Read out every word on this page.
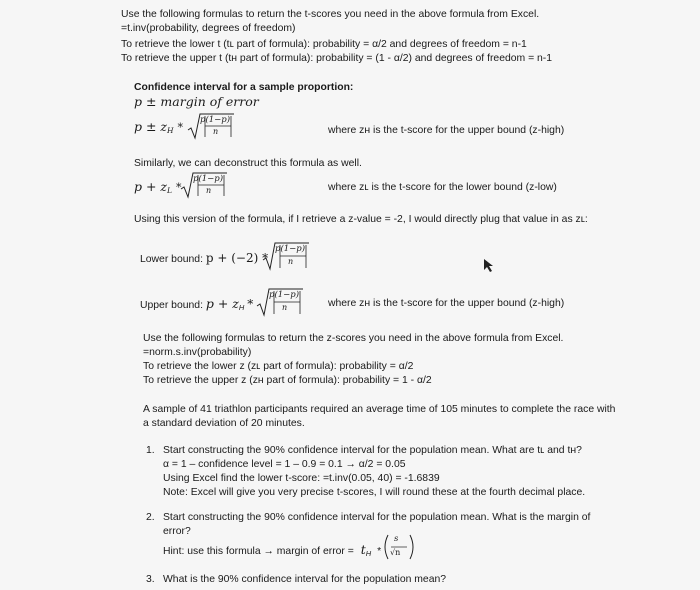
Use the following formulas to return the t-scores you need in the above formula from Excel.
=t.inv(probability, degrees of freedom)
To retrieve the lower t (tʟ part of formula): probability = α/2 and degrees of freedom = n-1
To retrieve the upper t (tʜ part of formula): probability = (1 - α/2) and degrees of freedom = n-1
Confidence interval for a sample proportion:
p ± margin of error
$p \pm z_H$ *
p(1−p)
n	where zʜ is the t-score for the upper bound (z-high)
Similarly, we can deconstruct this formula as well.
$p + z_L$ *
p(1−p)
n	where zʟ is the t-score for the lower bound (z-low)
Using this version of the formula, if I retrieve a z-value = -2, I would directly plug that value in as zʟ:
Lower bound: p + (−2) *
p(1−p)
n
Upper bound: $p + z_H$ *
p(1−p)
n	where zʜ is the t-score for the upper bound (z-high)
Use the following formulas to return the z-scores you need in the above formula from Excel.
=norm.s.inv(probability)
To retrieve the lower z (zʟ part of formula): probability = α/2
To retrieve the upper z (zʜ part of formula): probability = 1 - α/2
A sample of 41 triathlon participants required an average time of 105 minutes to complete the race with
a standard deviation of 20 minutes.
1. Start constructing the 90% confidence interval for the population mean. What are tʟ and tʜ?
α = 1 – confidence level = 1 – 0.9 = 0.1 → α/2 = 0.05
Using Excel find the lower t-score: =t.inv(0.05, 40) = -1.6839
Note: Excel will give you very precise t-scores, I will round these at the fourth decimal place.
2. Start constructing the 90% confidence interval for the population mean. What is the margin of
error?
Hint: use this formula → margin of error = $t_H$ *
s
√n
3. What is the 90% confidence interval for the population mean?
